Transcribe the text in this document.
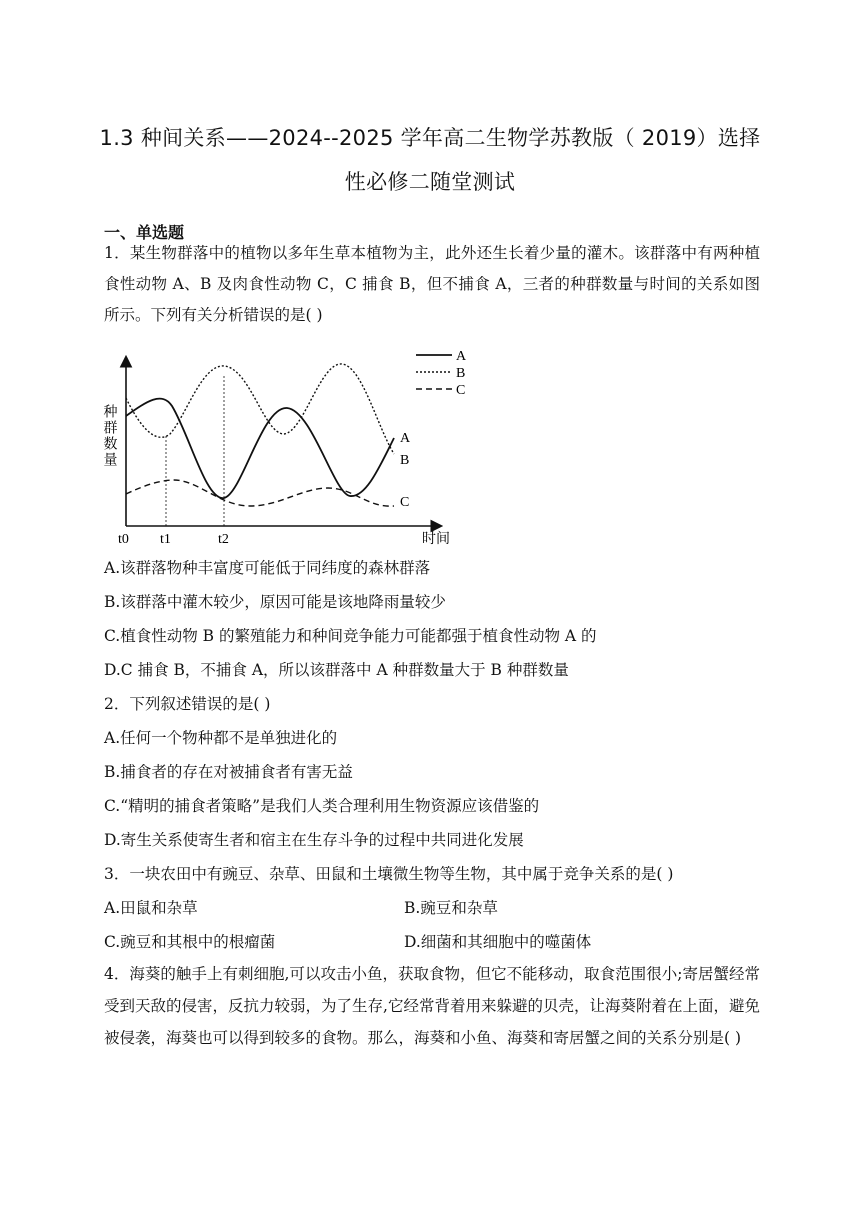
1.3 种间关系——2024--2025 学年高二生物学苏教版（ 2019）选择
性必修二随堂测试
一、单选题
1．某生物群落中的植物以多年生草本植物为主，此外还生长着少量的灌木。该群落中有两种植食性动物 A、B 及肉食性动物 C，C 捕食 B，但不捕食 A，三者的种群数量与时间的关系如图所示。下列有关分析错误的是( )
种群数量
时间
t0 t1	t2
A
B
C
A
B
C
A.该群落物种丰富度可能低于同纬度的森林群落
B.该群落中灌木较少，原因可能是该地降雨量较少
C.植食性动物 B 的繁殖能力和种间竞争能力可能都强于植食性动物 A 的
D.C 捕食 B，不捕食 A，所以该群落中 A 种群数量大于 B 种群数量
2．下列叙述错误的是( )
A.任何一个物种都不是单独进化的
B.捕食者的存在对被捕食者有害无益
C.“精明的捕食者策略”是我们人类合理利用生物资源应该借鉴的
D.寄生关系使寄生者和宿主在生存斗争的过程中共同进化发展
3．一块农田中有豌豆、杂草、田鼠和土壤微生物等生物，其中属于竞争关系的是( )
A.田鼠和杂草	B.豌豆和杂草
C.豌豆和其根中的根瘤菌	D.细菌和其细胞中的噬菌体
4．海葵的触手上有刺细胞,可以攻击小鱼，获取食物，但它不能移动，取食范围很小;寄居蟹经常受到天敌的侵害，反抗力较弱，为了生存,它经常背着用来躲避的贝壳，让海葵附着在上面，避免被侵袭，海葵也可以得到较多的食物。那么，海葵和小鱼、海葵和寄居蟹之间的关系分别是( )
